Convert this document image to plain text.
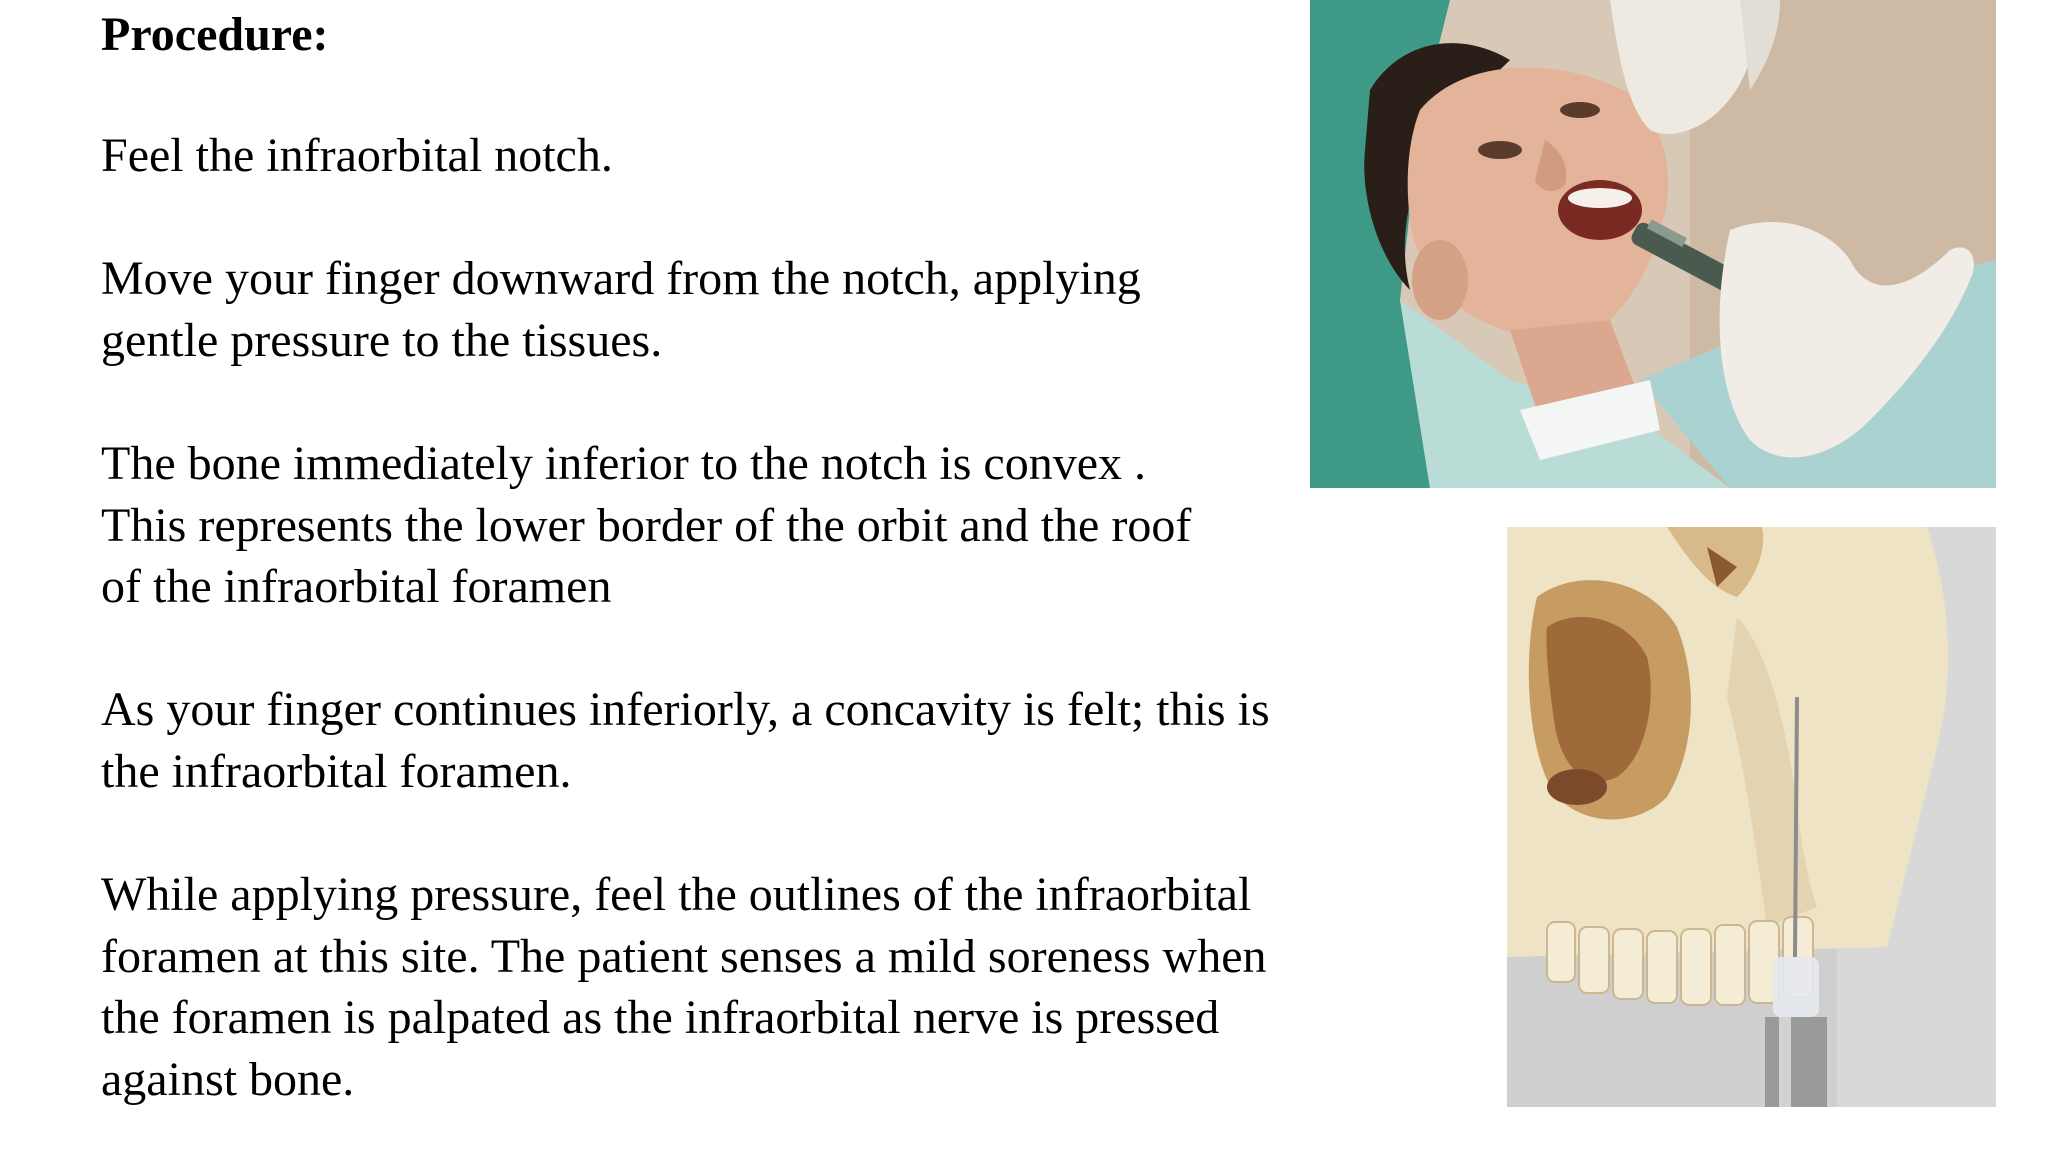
Procedure:

Feel the infraorbital notch.

Move your finger downward from the notch, applying
gentle pressure to the tissues.

The bone immediately inferior to the notch is convex .
This represents the lower border of the orbit and the roof
of the infraorbital foramen

As your finger continues inferiorly, a concavity is felt; this is
the infraorbital foramen.

While applying pressure, feel the outlines of the infraorbital
foramen at this site. The patient senses a mild soreness when
the foramen is palpated as the infraorbital nerve is pressed
against bone.
